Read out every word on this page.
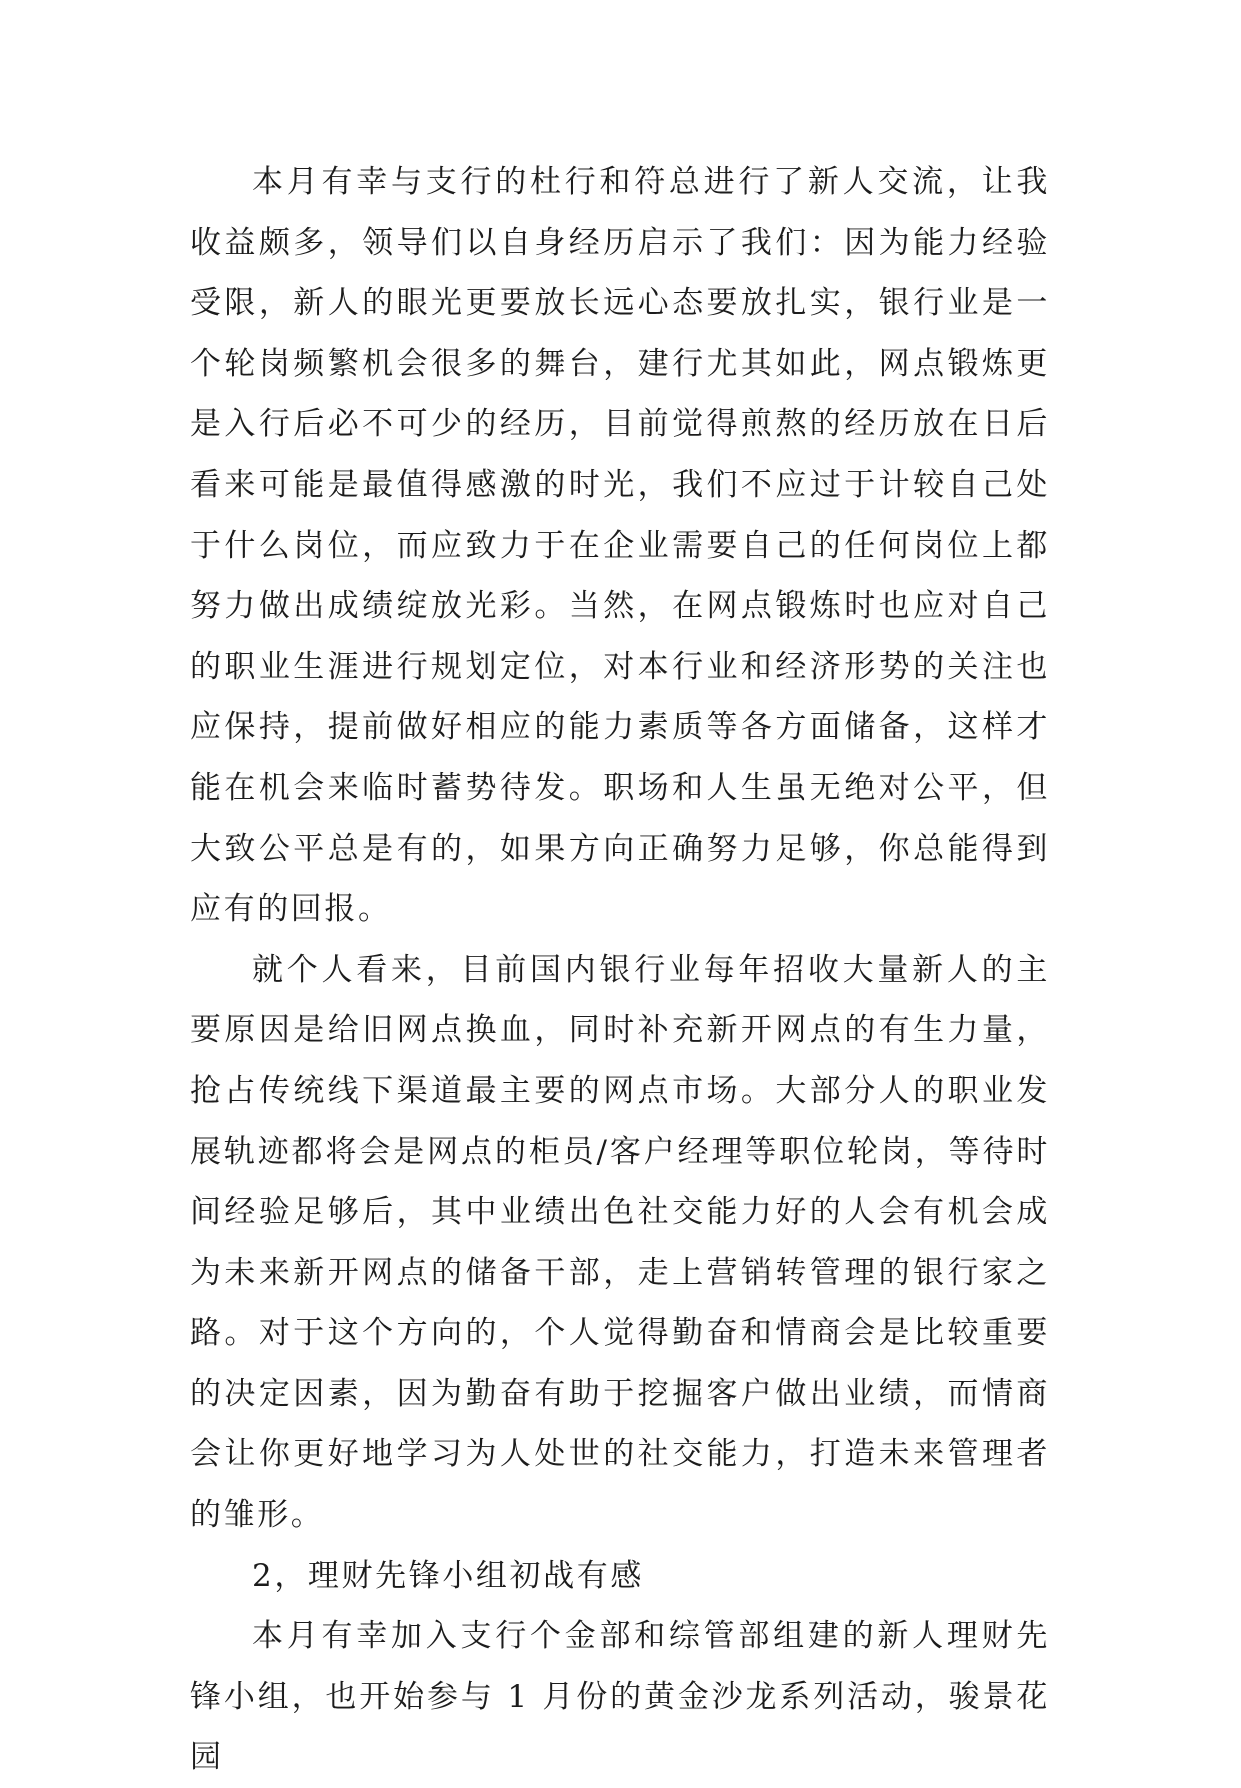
本月有幸与支行的杜行和符总进行了新人交流，让我收益颇多，领导们以自身经历启示了我们：因为能力经验受限，新人的眼光更要放长远心态要放扎实，银行业是一个轮岗频繁机会很多的舞台，建行尤其如此，网点锻炼更是入行后必不可少的经历，目前觉得煎熬的经历放在日后看来可能是最值得感激的时光，我们不应过于计较自己处于什么岗位，而应致力于在企业需要自己的任何岗位上都努力做出成绩绽放光彩。当然，在网点锻炼时也应对自己的职业生涯进行规划定位，对本行业和经济形势的关注也应保持，提前做好相应的能力素质等各方面储备，这样才能在机会来临时蓄势待发。职场和人生虽无绝对公平，但大致公平总是有的，如果方向正确努力足够，你总能得到应有的回报。

就个人看来，目前国内银行业每年招收大量新人的主要原因是给旧网点换血，同时补充新开网点的有生力量，抢占传统线下渠道最主要的网点市场。大部分人的职业发展轨迹都将会是网点的柜员/客户经理等职位轮岗，等待时间经验足够后，其中业绩出色社交能力好的人会有机会成为未来新开网点的储备干部，走上营销转管理的银行家之路。对于这个方向的，个人觉得勤奋和情商会是比较重要的决定因素，因为勤奋有助于挖掘客户做出业绩，而情商会让你更好地学习为人处世的社交能力，打造未来管理者的雏形。

2，理财先锋小组初战有感

本月有幸加入支行个金部和综管部组建的新人理财先锋小组，也开始参与 1 月份的黄金沙龙系列活动，骏景花园
